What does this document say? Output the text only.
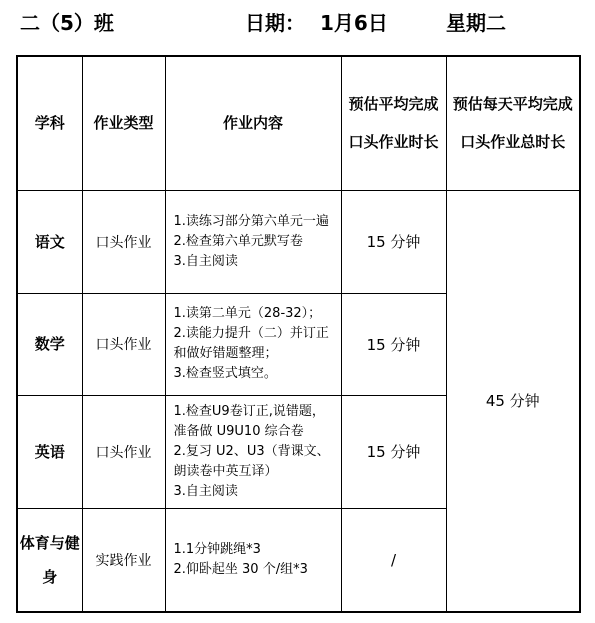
二（5）班	日期： 1月6日	星期二
学科	作业类型	作业内容	预估平均完成口头作业时长	预估每天平均完成口头作业总时长
语文	口头作业	1.读练习部分第六单元一遍
2.检查第六单元默写卷
3.自主阅读	15 分钟	45 分钟
数学	口头作业	1.读第二单元（28-32）；
2.读能力提升（二）并订正和做好错题整理；
3.检查竖式填空。	15 分钟	
英语	口头作业	1.检查U9卷订正,说错题，准备做 U9U10 综合卷
2.复习 U2、U3（背课文、朗读卷中英互译）
3.自主阅读	15 分钟	
体育与健身	实践作业	1.1分钟跳绳*3
2.仰卧起坐 30 个/组*3	/	
